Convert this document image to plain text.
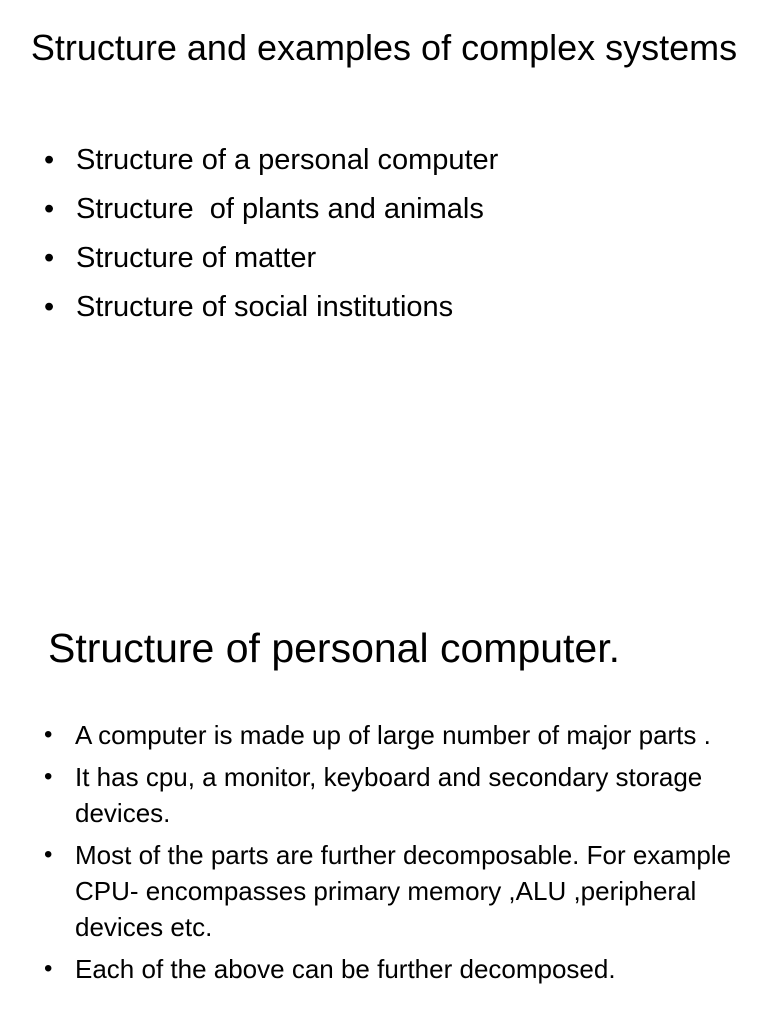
Structure and examples of complex systems
• Structure of a personal computer
• Structure  of plants and animals
• Structure of matter
• Structure of social institutions
Structure of personal computer.
• A computer is made up of large number of major parts .
• It has cpu, a monitor, keyboard and secondary storage devices.
• Most of the parts are further decomposable. For example CPU- encompasses primary memory ,ALU ,peripheral devices etc.
• Each of the above can be further decomposed.
